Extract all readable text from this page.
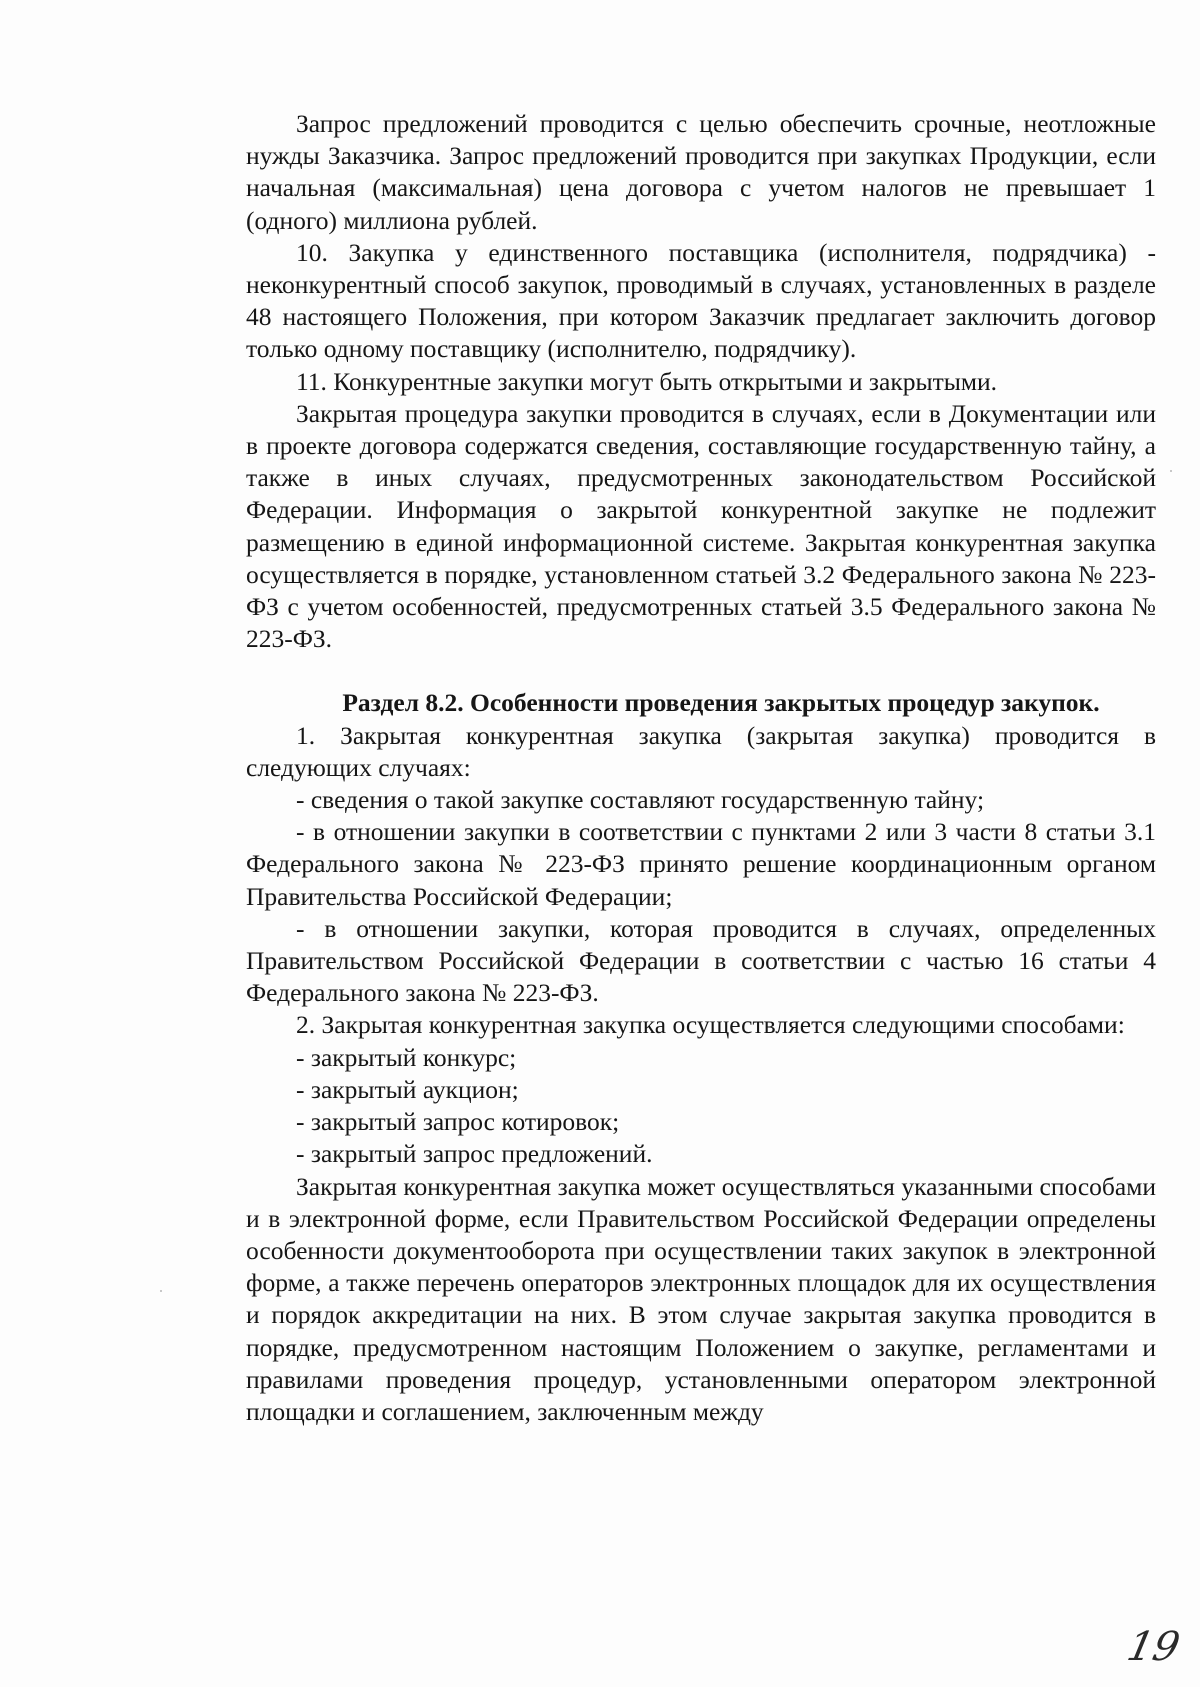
Запрос предложений проводится с целью обеспечить срочные, неотложные нужды Заказчика. Запрос предложений проводится при закупках Продукции, если начальная (максимальная) цена договора с учетом налогов не превышает 1 (одного) миллиона рублей.

10. Закупка у единственного поставщика (исполнителя, подрядчика) - неконкурентный способ закупок, проводимый в случаях, установленных в разделе 48 настоящего Положения, при котором Заказчик предлагает заключить договор только одному поставщику (исполнителю, подрядчику).

11. Конкурентные закупки могут быть открытыми и закрытыми.

Закрытая процедура закупки проводится в случаях, если в Документации или в проекте договора содержатся сведения, составляющие государственную тайну, а также в иных случаях, предусмотренных законодательством Российской Федерации. Информация о закрытой конкурентной закупке не подлежит размещению в единой информационной системе. Закрытая конкурентная закупка осуществляется в порядке, установленном статьей 3.2 Федерального закона № 223-ФЗ с учетом особенностей, предусмотренных статьей 3.5 Федерального закона № 223-ФЗ.

Раздел 8.2. Особенности проведения закрытых процедур закупок.

1. Закрытая конкурентная закупка (закрытая закупка) проводится в следующих случаях:

- сведения о такой закупке составляют государственную тайну;

- в отношении закупки в соответствии с пунктами 2 или 3 части 8 статьи 3.1 Федерального закона № 223-ФЗ принято решение координационным органом Правительства Российской Федерации;

- в отношении закупки, которая проводится в случаях, определенных Правительством Российской Федерации в соответствии с частью 16 статьи 4 Федерального закона № 223-ФЗ.

2. Закрытая конкурентная закупка осуществляется следующими способами:

- закрытый конкурс;

- закрытый аукцион;

- закрытый запрос котировок;

- закрытый запрос предложений.

Закрытая конкурентная закупка может осуществляться указанными способами и в электронной форме, если Правительством Российской Федерации определены особенности документооборота при осуществлении таких закупок в электронной форме, а также перечень операторов электронных площадок для их осуществления и порядок аккредитации на них. В этом случае закрытая закупка проводится в порядке, предусмотренном настоящим Положением о закупке, регламентами и правилами проведения процедур, установленными оператором электронной площадки и соглашением, заключенным между

19
